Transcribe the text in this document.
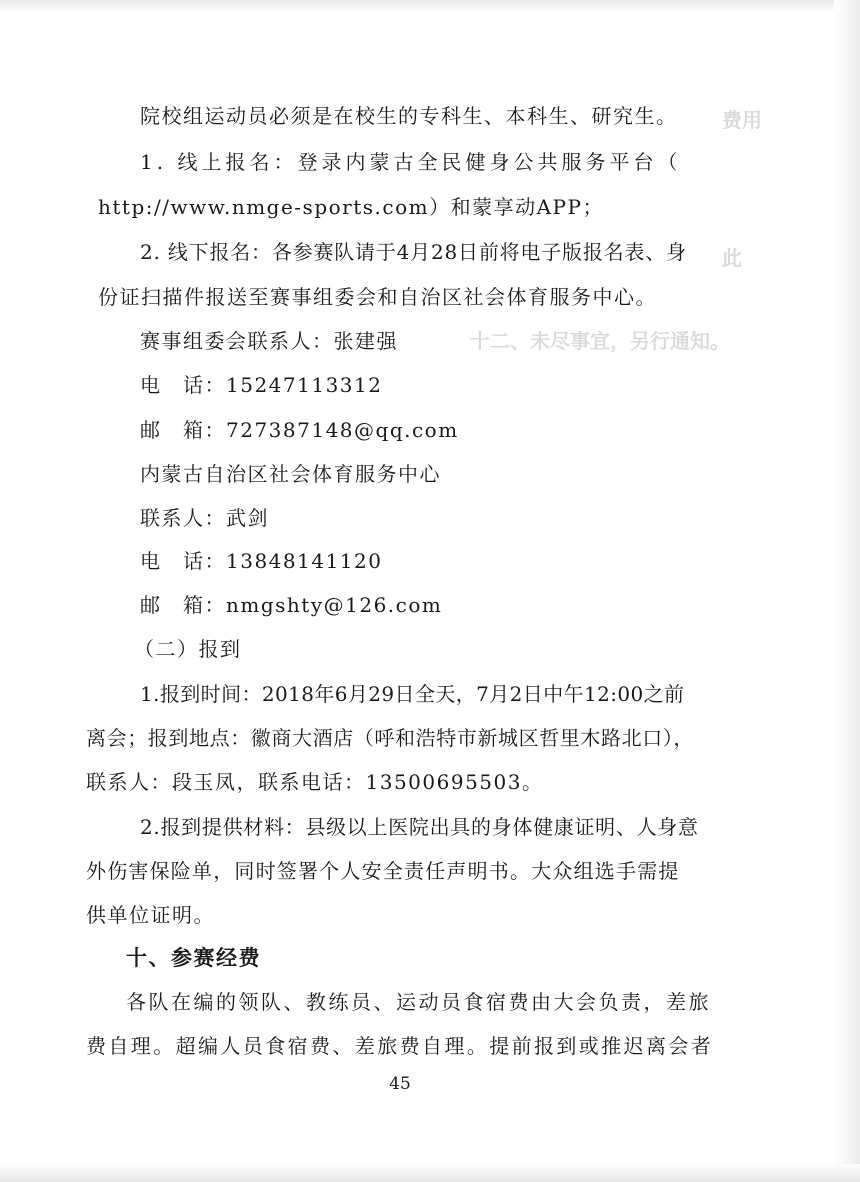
费用
此
十二、未尽事宜，另行通知。
院校组运动员必须是在校生的专科生、本科生、研究生。
1. 线上报名：登录内蒙古全民健身公共服务平台（
http://www.nmge-sports.com）和蒙享动APP；
2. 线下报名：各参赛队请于4月28日前将电子版报名表、身
份证扫描件报送至赛事组委会和自治区社会体育服务中心。
赛事组委会联系人：张建强
电　话：15247113312
邮　箱：727387148@qq.com
内蒙古自治区社会体育服务中心
联系人：武剑
电　话：13848141120
邮　箱：nmgshty@126.com
（二）报到
1.报到时间：2018年6月29日全天，7月2日中午12:00之前
离会；报到地点：徽商大酒店（呼和浩特市新城区哲里木路北口），
联系人：段玉凤，联系电话：13500695503。
2.报到提供材料：县级以上医院出具的身体健康证明、人身意
外伤害保险单，同时签署个人安全责任声明书。大众组选手需提
供单位证明。
十、参赛经费
各队在编的领队、教练员、运动员食宿费由大会负责，差旅
费自理。超编人员食宿费、差旅费自理。提前报到或推迟离会者
45
